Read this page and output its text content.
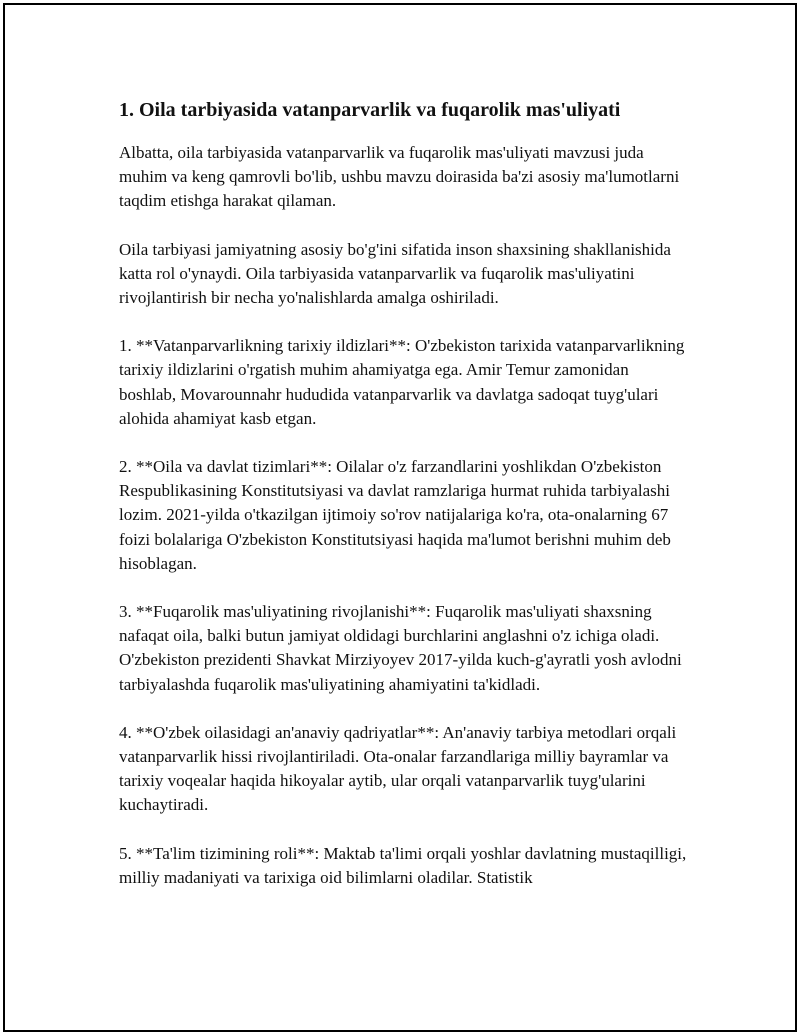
1. Oila tarbiyasida vatanparvarlik va fuqarolik mas'uliyati

Albatta, oila tarbiyasida vatanparvarlik va fuqarolik mas'uliyati mavzusi juda muhim va keng qamrovli bo'lib, ushbu mavzu doirasida ba'zi asosiy ma'lumotlarni taqdim etishga harakat qilaman.

Oila tarbiyasi jamiyatning asosiy bo'g'ini sifatida inson shaxsining shakllanishida katta rol o'ynaydi. Oila tarbiyasida vatanparvarlik va fuqarolik mas'uliyatini rivojlantirish bir necha yo'nalishlarda amalga oshiriladi.

1. **Vatanparvarlikning tarixiy ildizlari**: O'zbekiston tarixida vatanparvarlikning tarixiy ildizlarini o'rgatish muhim ahamiyatga ega. Amir Temur zamonidan boshlab, Movarounnahr hududida vatanparvarlik va davlatga sadoqat tuyg'ulari alohida ahamiyat kasb etgan.

2. **Oila va davlat tizimlari**: Oilalar o'z farzandlarini yoshlikdan O'zbekiston Respublikasining Konstitutsiyasi va davlat ramzlariga hurmat ruhida tarbiyalashi lozim. 2021-yilda o'tkazilgan ijtimoiy so'rov natijalariga ko'ra, ota-onalarning 67 foizi bolalariga O'zbekiston Konstitutsiyasi haqida ma'lumot berishni muhim deb hisoblagan.

3. **Fuqarolik mas'uliyatining rivojlanishi**: Fuqarolik mas'uliyati shaxsning nafaqat oila, balki butun jamiyat oldidagi burchlarini anglashni o'z ichiga oladi. O'zbekiston prezidenti Shavkat Mirziyoyev 2017-yilda kuch-g'ayratli yosh avlodni tarbiyalashda fuqarolik mas'uliyatining ahamiyatini ta'kidladi.

4. **O'zbek oilasidagi an'anaviy qadriyatlar**: An'anaviy tarbiya metodlari orqali vatanparvarlik hissi rivojlantiriladi. Ota-onalar farzandlariga milliy bayramlar va tarixiy voqealar haqida hikoyalar aytib, ular orqali vatanparvarlik tuyg'ularini kuchaytiradi.

5. **Ta'lim tizimining roli**: Maktab ta'limi orqali yoshlar davlatning mustaqilligi, milliy madaniyati va tarixiga oid bilimlarni oladilar. Statistik
